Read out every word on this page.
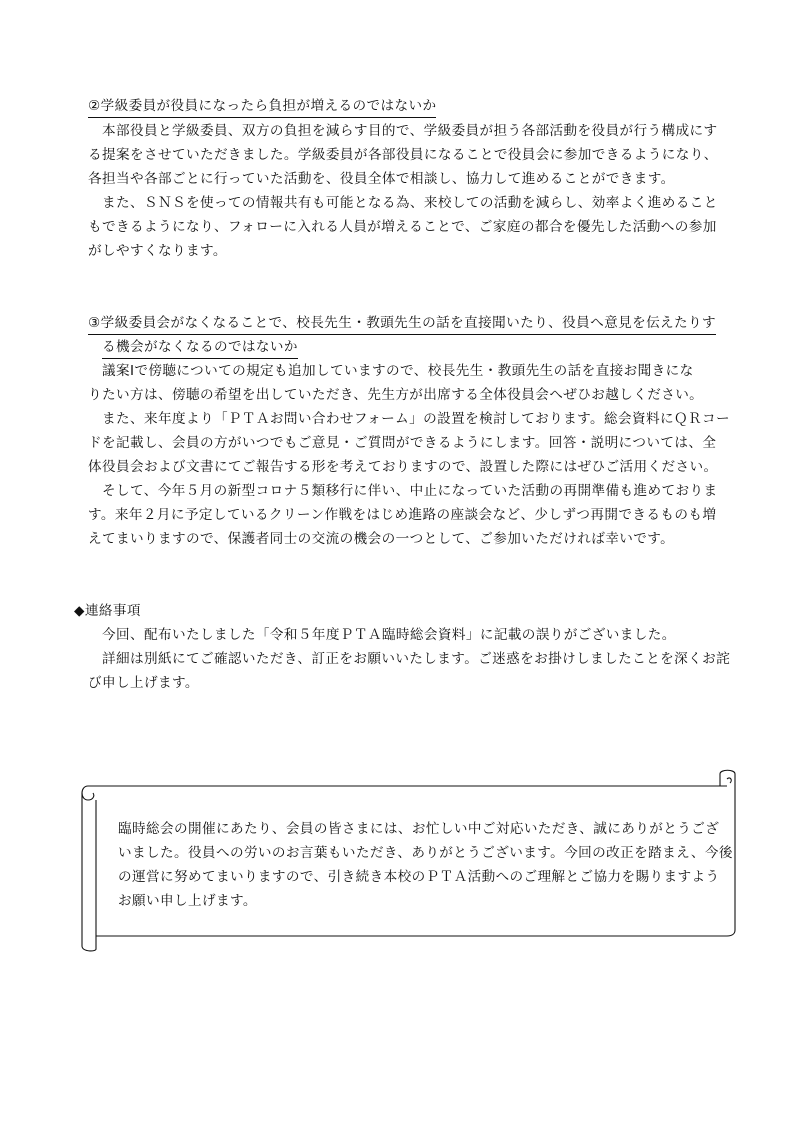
②学級委員が役員になったら負担が増えるのではないか
　本部役員と学級委員、双方の負担を減らす目的で、学級委員が担う各部活動を役員が行う構成にす
る提案をさせていただきました。学級委員が各部役員になることで役員会に参加できるようになり、
各担当や各部ごとに行っていた活動を、役員全体で相談し、協力して進めることができます。
　また、ＳＮＳを使っての情報共有も可能となる為、来校しての活動を減らし、効率よく進めること
もできるようになり、フォローに入れる人員が増えることで、ご家庭の都合を優先した活動への参加
がしやすくなります。
③学級委員会がなくなることで、校長先生・教頭先生の話を直接聞いたり、役員へ意見を伝えたりす
る機会がなくなるのではないか
　議案Ⅰで傍聴についての規定も追加していますので、校長先生・教頭先生の話を直接お聞きにな
りたい方は、傍聴の希望を出していただき、先生方が出席する全体役員会へぜひお越しください。
　また、来年度より「ＰＴＡお問い合わせフォーム」の設置を検討しております。総会資料にＱＲコー
ドを記載し、会員の方がいつでもご意見・ご質問ができるようにします。回答・説明については、全
体役員会および文書にてご報告する形を考えておりますので、設置した際にはぜひご活用ください。
　そして、今年５月の新型コロナ５類移行に伴い、中止になっていた活動の再開準備も進めておりま
す。来年２月に予定しているクリーン作戦をはじめ進路の座談会など、少しずつ再開できるものも増
えてまいりますので、保護者同士の交流の機会の一つとして、ご参加いただければ幸いです。
◆連絡事項
　今回、配布いたしました「令和５年度ＰＴＡ臨時総会資料」に記載の誤りがございました。
　詳細は別紙にてご確認いただき、訂正をお願いいたします。ご迷惑をお掛けしましたことを深くお詫
び申し上げます。
臨時総会の開催にあたり、会員の皆さまには、お忙しい中ご対応いただき、誠にありがとうござ
いました。役員への労いのお言葉もいただき、ありがとうございます。今回の改正を踏まえ、今後
の運営に努めてまいりますので、引き続き本校のＰＴＡ活動へのご理解とご協力を賜りますよう
お願い申し上げます。
